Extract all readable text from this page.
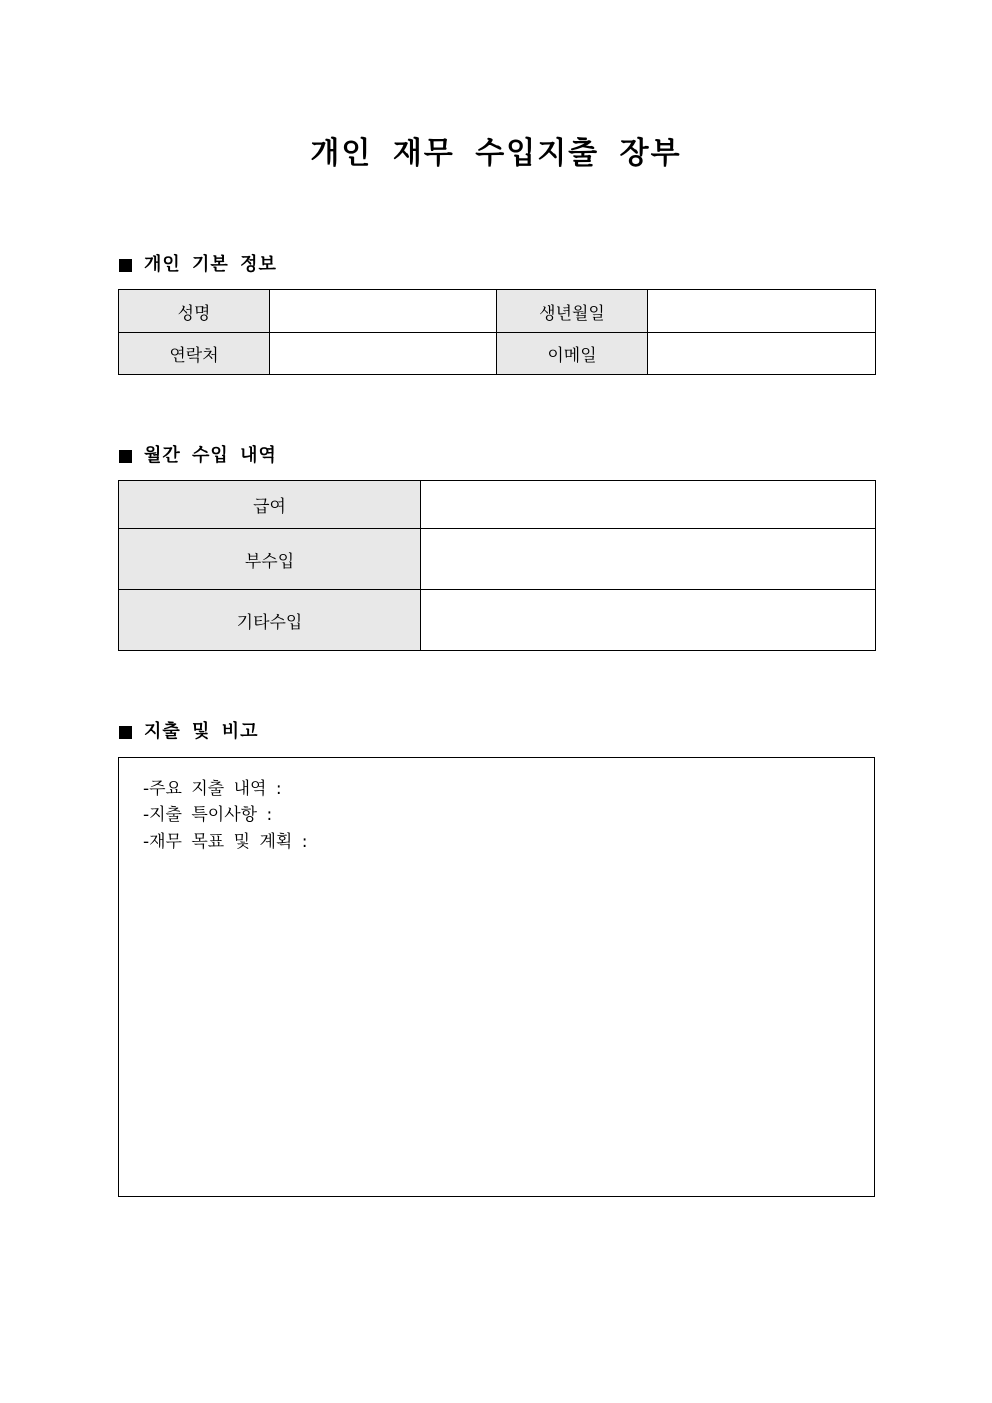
개인 재무 수입지출 장부
개인 기본 정보
성명		생년월일	
연락처		이메일	
월간 수입 내역
급여	
부수입	
기타수입	
지출 및 비고
-주요 지출 내역 :
-지출 특이사항 :
-재무 목표 및 계획 :
